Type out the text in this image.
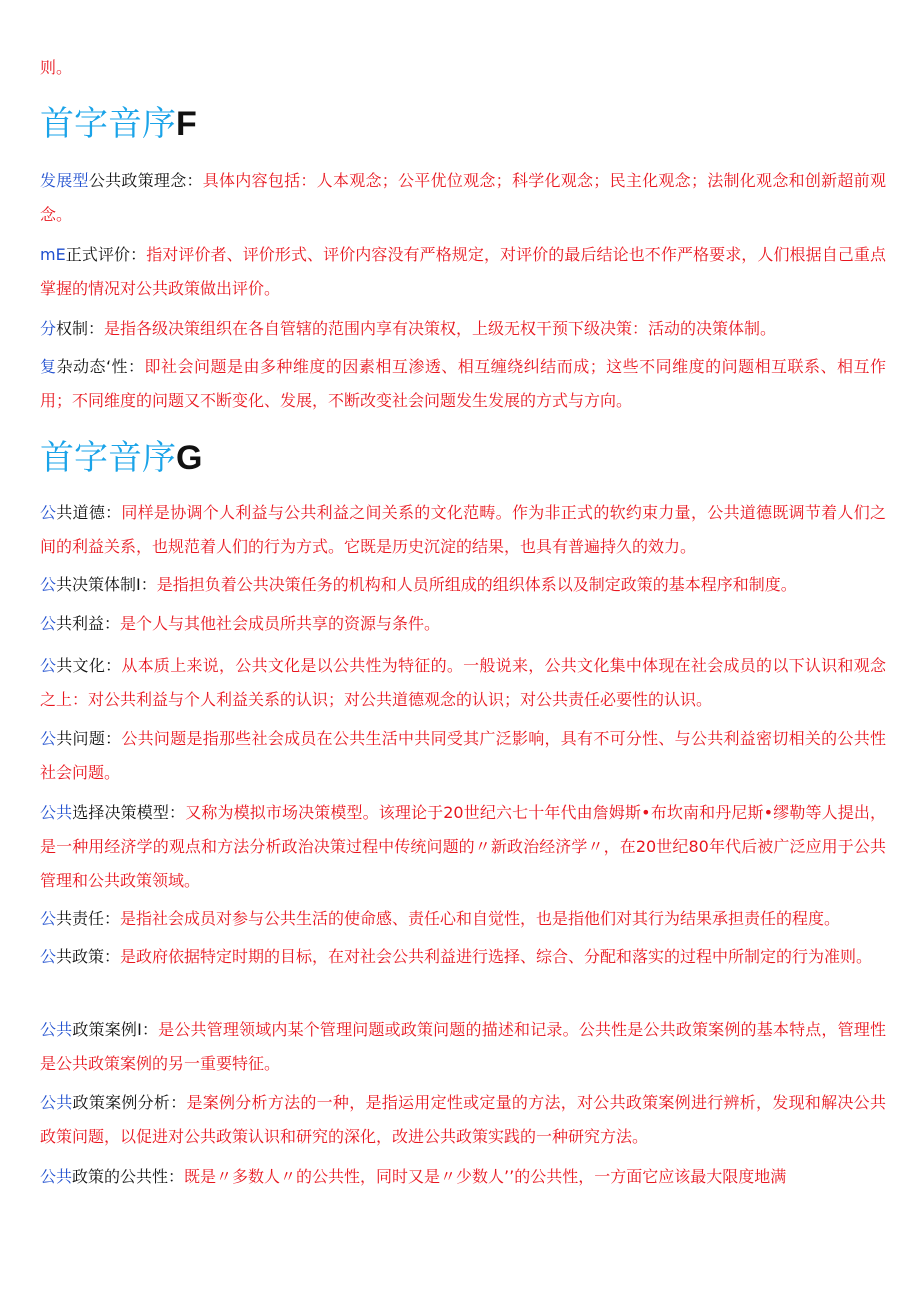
则。
首字音序F

发展型公共政策理念：具体内容包括：人本观念；公平优位观念；科学化观念；民主化观念；法制化观念和创新超前观念。

mE正式评价：指对评价者、评价形式、评价内容没有严格规定，对评价的最后结论也不作严格要求，人们根据自己重点掌握的情况对公共政策做出评价。

分权制：是指各级决策组织在各自管辖的范围内享有决策权，上级无权干预下级决策：活动的决策体制。

复杂动态‘性：即社会问题是由多种维度的因素相互渗透、相互缠绕纠结而成；这些不同维度的问题相互联系、相互作用；不同维度的问题又不断变化、发展，不断改变社会问题发生发展的方式与方向。

首字音序G

公共道德：同样是协调个人利益与公共利益之间关系的文化范畴。作为非正式的软约束力量，公共道德既调节着人们之间的利益关系，也规范着人们的行为方式。它既是历史沉淀的结果，也具有普遍持久的效力。

公共决策体制I：是指担负着公共决策任务的机构和人员所组成的组织体系以及制定政策的基本程序和制度。

公共利益：是个人与其他社会成员所共享的资源与条件。

公共文化：从本质上来说，公共文化是以公共性为特征的。一般说来，公共文化集中体现在社会成员的以下认识和观念之上：对公共利益与个人利益关系的认识；对公共道德观念的认识；对公共责任必要性的认识。

公共问题：公共问题是指那些社会成员在公共生活中共同受其广泛影响，具有不可分性、与公共利益密切相关的公共性社会问题。

公共选择决策模型：又称为模拟市场决策模型。该理论于20世纪六七十年代由詹姆斯•布坎南和丹尼斯•缪勒等人提出，是一种用经济学的观点和方法分析政治决策过程中传统问题的〃新政治经济学〃，在20世纪80年代后被广泛应用于公共管理和公共政策领域。

公共责任：是指社会成员对参与公共生活的使命感、责任心和自觉性，也是指他们对其行为结果承担责任的程度。

公共政策：是政府依据特定时期的目标，在对社会公共利益进行选择、综合、分配和落实的过程中所制定的行为准则。

公共政策案例I：是公共管理领域内某个管理问题或政策问题的描述和记录。公共性是公共政策案例的基本特点，管理性是公共政策案例的另一重要特征。

公共政策案例分析：是案例分析方法的一种，是指运用定性或定量的方法，对公共政策案例进行辨析，发现和解决公共政策问题，以促进对公共政策认识和研究的深化，改进公共政策实践的一种研究方法。

公共政策的公共性：既是〃多数人〃的公共性，同时又是〃少数人’’的公共性，一方面它应该最大限度地满
